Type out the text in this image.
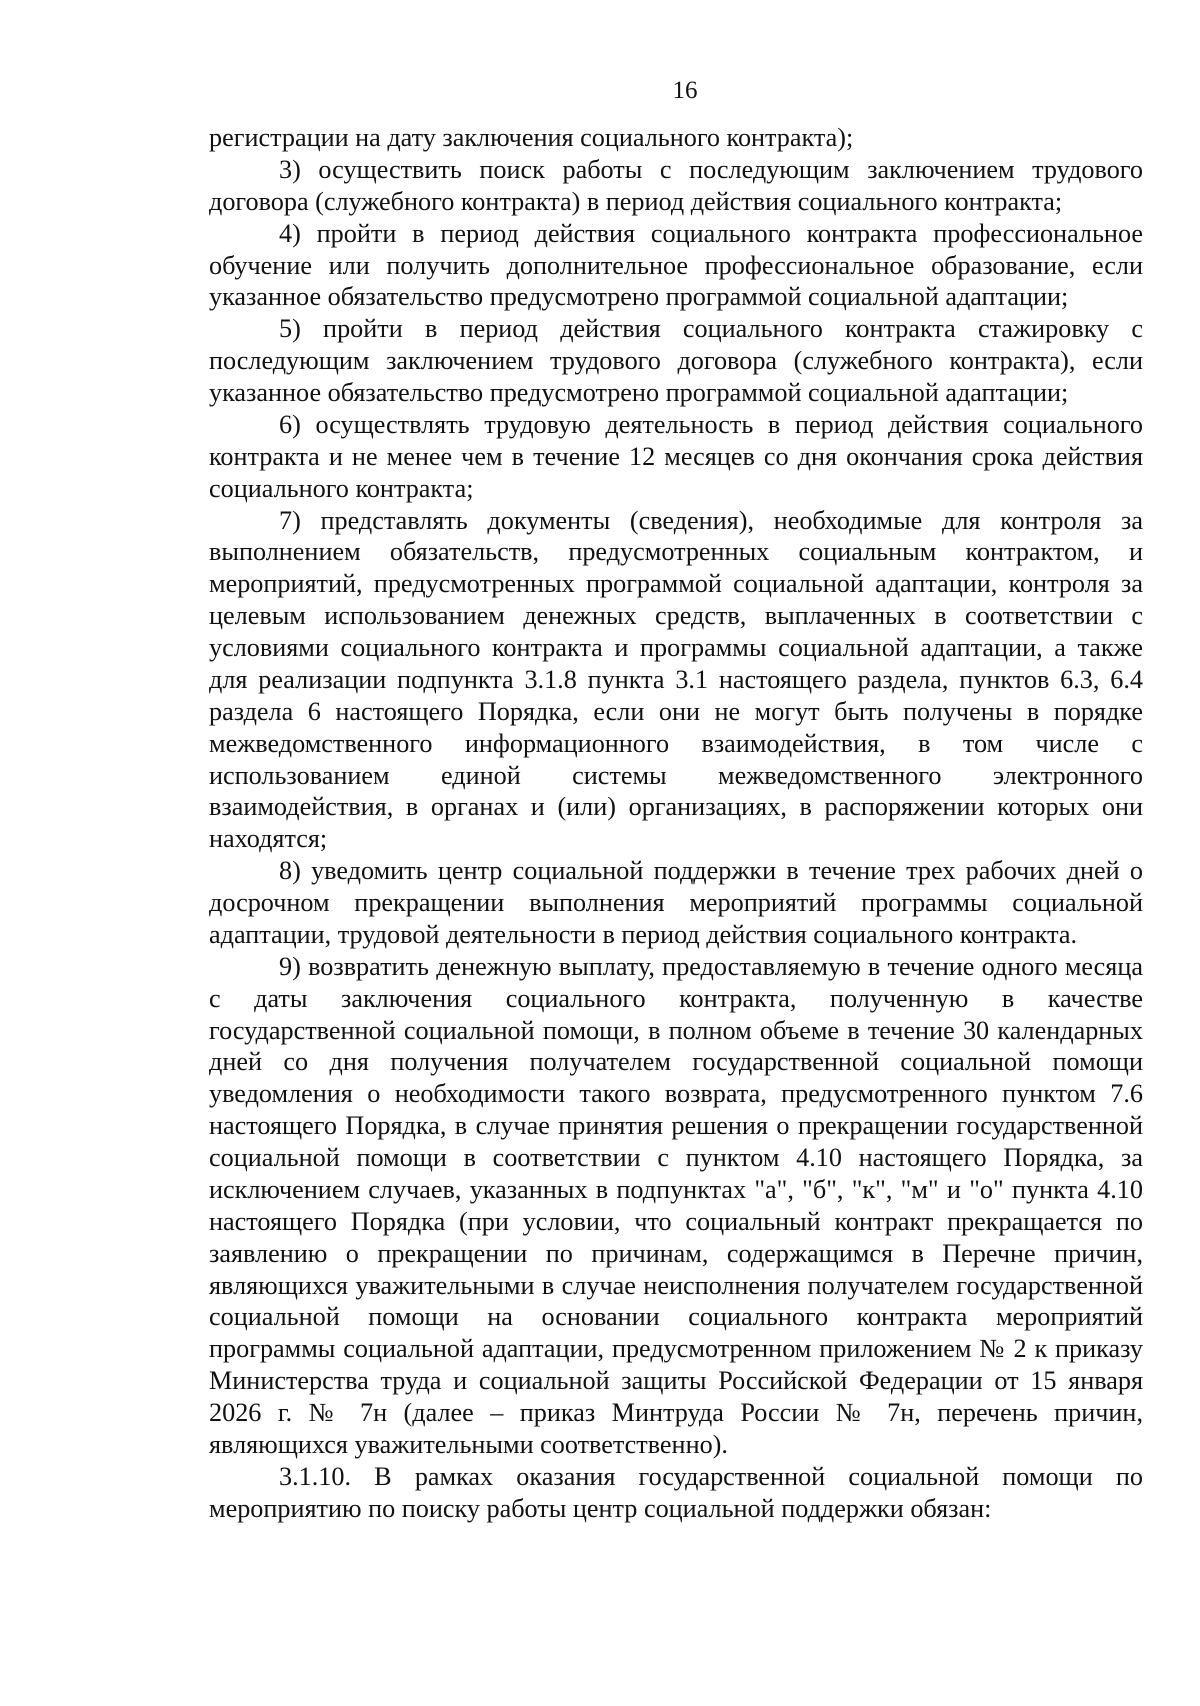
16

регистрации на дату заключения социального контракта);

3) осуществить поиск работы с последующим заключением трудового договора (служебного контракта) в период действия социального контракта;

4) пройти в период действия социального контракта профессиональное обучение или получить дополнительное профессиональное образование, если указанное обязательство предусмотрено программой социальной адаптации;

5) пройти в период действия социального контракта стажировку с последующим заключением трудового договора (служебного контракта), если указанное обязательство предусмотрено программой социальной адаптации;

6) осуществлять трудовую деятельность в период действия социального контракта и не менее чем в течение 12 месяцев со дня окончания срока действия социального контракта;

7) представлять документы (сведения), необходимые для контроля за выполнением обязательств, предусмотренных социальным контрактом, и мероприятий, предусмотренных программой социальной адаптации, контроля за целевым использованием денежных средств, выплаченных в соответствии с условиями социального контракта и программы социальной адаптации, а также для реализации подпункта 3.1.8 пункта 3.1 настоящего раздела, пунктов 6.3, 6.4 раздела 6 настоящего Порядка, если они не могут быть получены в порядке межведомственного информационного взаимодействия, в том числе с использованием единой системы межведомственного электронного взаимодействия, в органах и (или) организациях, в распоряжении которых они находятся;

8) уведомить центр социальной поддержки в течение трех рабочих дней о досрочном прекращении выполнения мероприятий программы социальной адаптации, трудовой деятельности в период действия социального контракта.

9) возвратить денежную выплату, предоставляемую в течение одного месяца с даты заключения социального контракта, полученную в качестве государственной социальной помощи, в полном объеме в течение 30 календарных дней со дня получения получателем государственной социальной помощи уведомления о необходимости такого возврата, предусмотренного пунктом 7.6 настоящего Порядка, в случае принятия решения о прекращении государственной социальной помощи в соответствии с пунктом 4.10 настоящего Порядка, за исключением случаев, указанных в подпунктах "а", "б", "к", "м" и "о" пункта 4.10 настоящего Порядка (при условии, что социальный контракт прекращается по заявлению о прекращении по причинам, содержащимся в Перечне причин, являющихся уважительными в случае неисполнения получателем государственной социальной помощи на основании социального контракта мероприятий программы социальной адаптации, предусмотренном приложением № 2 к приказу Министерства труда и социальной защиты Российской Федерации от 15 января 2026 г. № 7н (далее – приказ Минтруда России № 7н, перечень причин, являющихся уважительными соответственно).

3.1.10. В рамках оказания государственной социальной помощи по мероприятию по поиску работы центр социальной поддержки обязан:
